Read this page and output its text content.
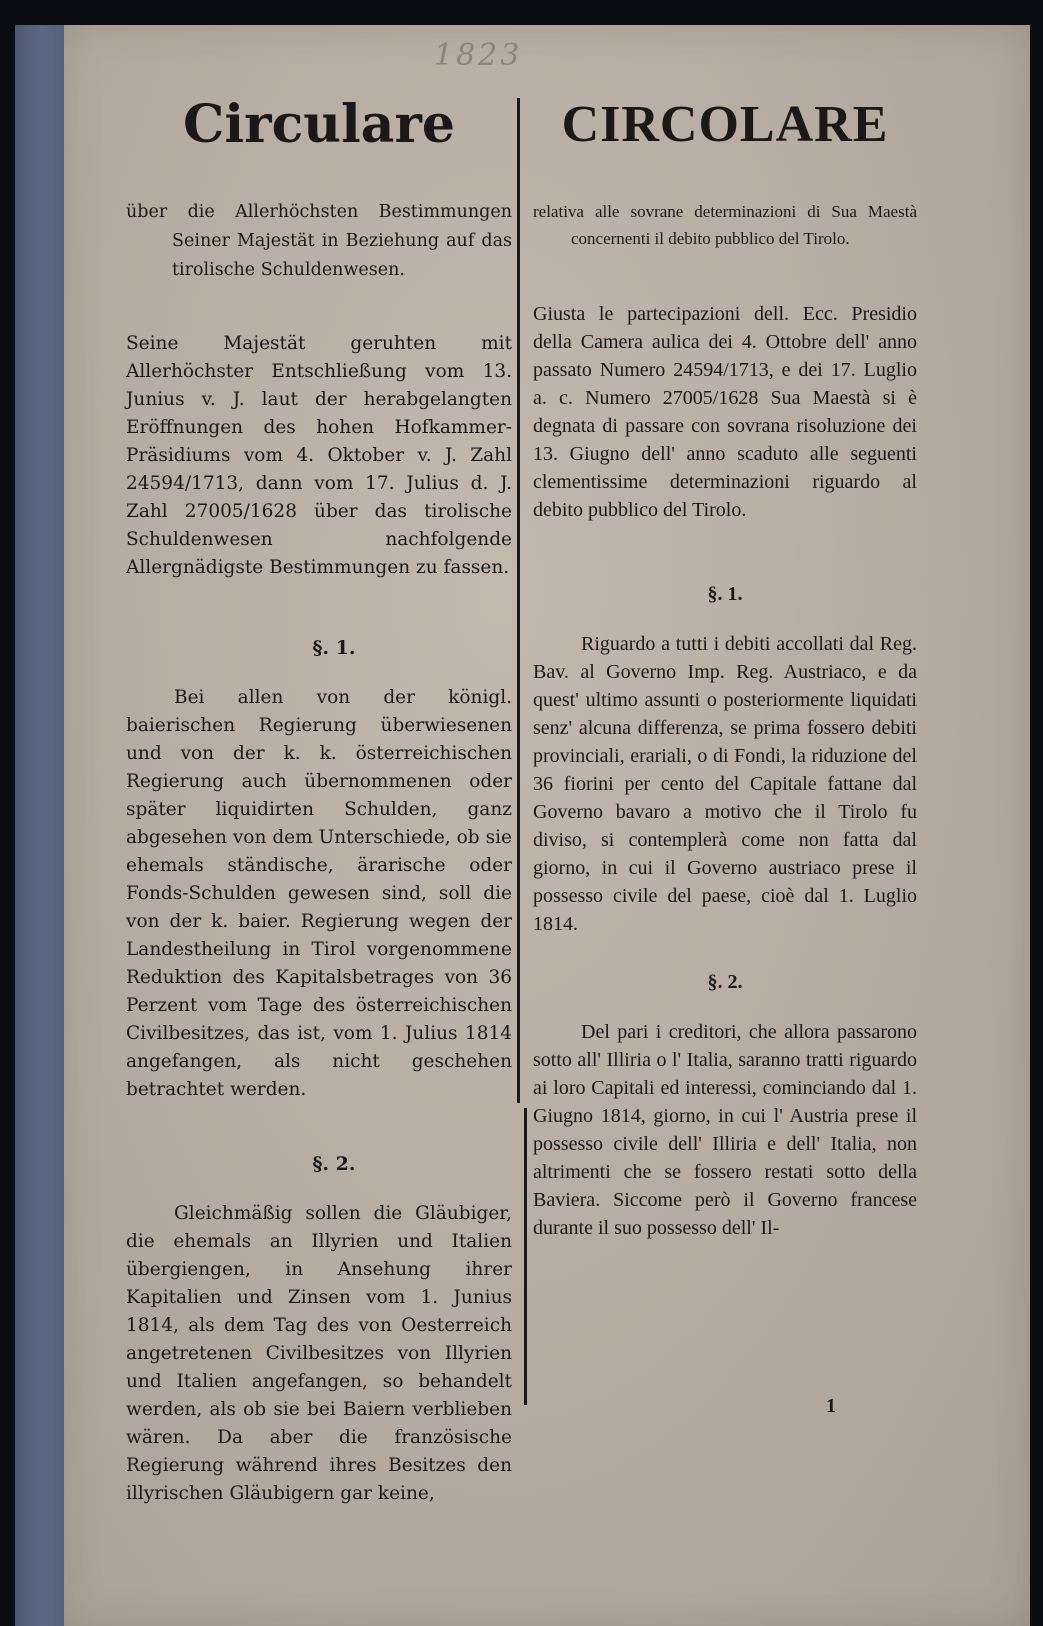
1823
Circulare

über die Allerhöchsten Bestimmungen Seiner Majestät in Beziehung auf das tirolische Schuldenwesen.

Seine Majestät geruhten mit Allerhöchster Entschließung vom 13. Junius v. J. laut der herabgelangten Eröffnungen des hohen Hofkammer-Präsidiums vom 4. Oktober v. J. Zahl 24594/1713, dann vom 17. Julius d. J. Zahl 27005/1628 über das tirolische Schuldenwesen nachfolgende Allergnädigste Bestimmungen zu fassen.

§. 1.

Bei allen von der königl. baierischen Regierung überwiesenen und von der k. k. österreichischen Regierung auch übernommenen oder später liquidirten Schulden, ganz abgesehen von dem Unterschiede, ob sie ehemals ständische, ärarische oder Fonds-Schulden gewesen sind, soll die von der k. baier. Regierung wegen der Landestheilung in Tirol vorgenommene Reduktion des Kapitalsbetrages von 36 Perzent vom Tage des österreichischen Civilbesitzes, das ist, vom 1. Julius 1814 angefangen, als nicht geschehen betrachtet werden.

§. 2.

Gleichmäßig sollen die Gläubiger, die ehemals an Illyrien und Italien übergiengen, in Ansehung ihrer Kapitalien und Zinsen vom 1. Junius 1814, als dem Tag des von Oesterreich angetretenen Civilbesitzes von Illyrien und Italien angefangen, so behandelt werden, als ob sie bei Baiern verblieben wären. Da aber die französische Regierung während ihres Besitzes den illyrischen Gläubigern gar keine,

CIRCOLARE

relativa alle sovrane determinazioni di Sua Maestà concernenti il debito pubblico del Tirolo.

Giusta le partecipazioni dell. Ecc. Presidio della Camera aulica dei 4. Ottobre dell' anno passato Numero 24594/1713, e dei 17. Luglio a. c. Numero 27005/1628 Sua Maestà si è degnata di passare con sovrana risoluzione dei 13. Giugno dell' anno scaduto alle seguenti clementissime determinazioni riguardo al debito pubblico del Tirolo.

§. 1.

Riguardo a tutti i debiti accollati dal Reg. Bav. al Governo Imp. Reg. Austriaco, e da quest' ultimo assunti o posteriormente liquidati senz' alcuna differenza, se prima fossero debiti provinciali, erariali, o di Fondi, la riduzione del 36 fiorini per cento del Capitale fattane dal Governo bavaro a motivo che il Tirolo fu diviso, si contemplerà come non fatta dal giorno, in cui il Governo austriaco prese il possesso civile del paese, cioè dal 1. Luglio 1814.

§. 2.

Del pari i creditori, che allora passarono sotto all' Illiria o l' Italia, saranno tratti riguardo ai loro Capitali ed interessi, cominciando dal 1. Giugno 1814, giorno, in cui l' Austria prese il possesso civile dell' Illiria e dell' Italia, non altrimenti che se fossero restati sotto della Baviera. Siccome però il Governo francese durante il suo possesso dell' Il-

1
